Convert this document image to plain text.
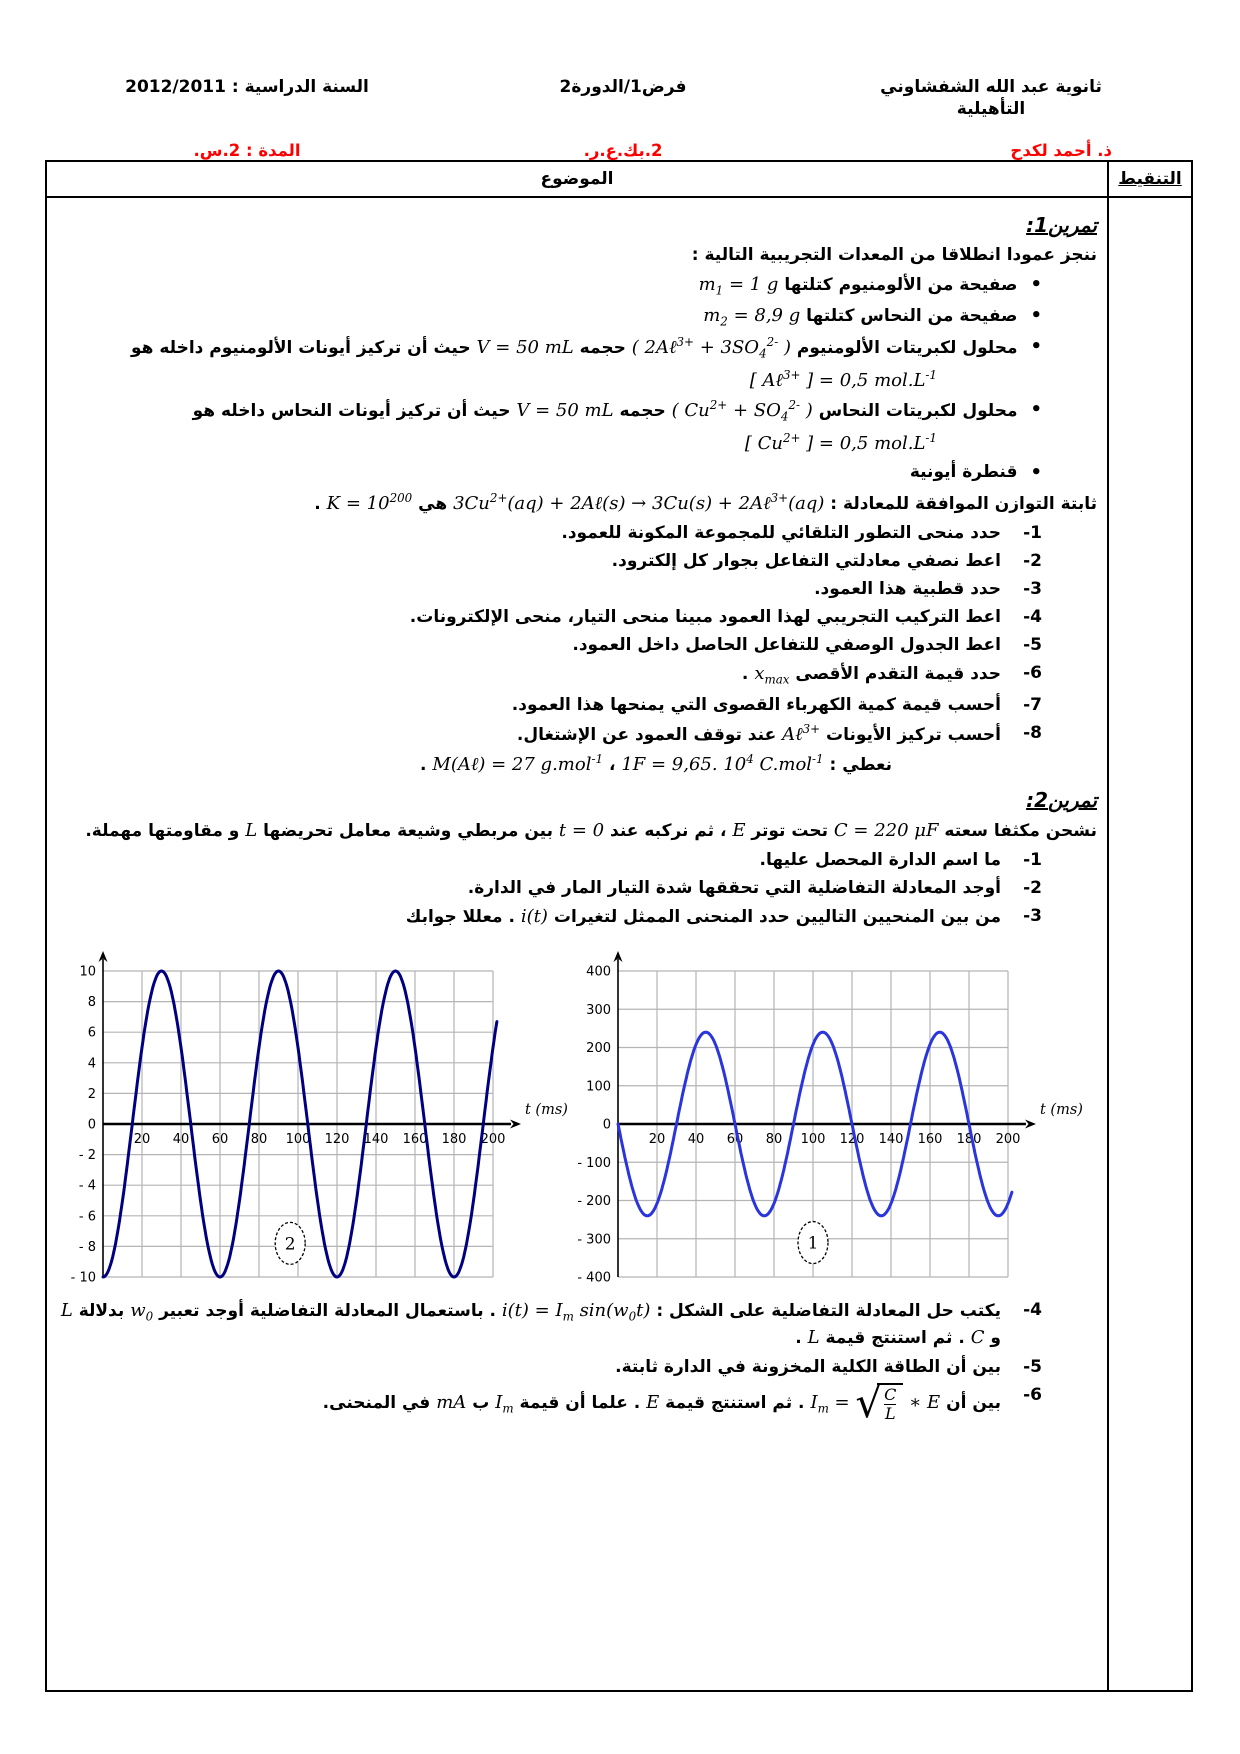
ثانوية عبد الله الشفشاوني
التأهيلية
ذ. أحمد لكدح
فرض1/الدورة2
2.بك.ع.ر.
السنة الدراسية : 2012/2011
المدة : 2.س.
التنقيط
الموضوع
تمرين1:
ننجز عمودا انطلاقا من المعدات التجريبية التالية :
•
صفيحة من الألومنيوم كتلتها $m_1 = 1$ g
•
صفيحة من النحاس كتلتها $m_2 = 8,9$ g
•
محلول لكبريتات الألومنيوم ( 2Aℓ$^{3+}$ + $3SO_4^{2-}$ ) حجمه V = 50 mL حيث أن تركيز أيونات الألومنيوم داخله هو
[ Aℓ$^{3+}$ ] = 0,5 $mol.L^{-1}$
•
محلول لكبريتات النحاس ( $Cu^{2+} + SO_4^{2-}$ ) حجمه V = 50 mL حيث أن تركيز أيونات النحاس داخله هو
[ $Cu^{2+}$ ] = 0,5 $mol.L^{-1}$
•
قنطرة أيونية
ثابتة التوازن الموافقة للمعادلة : $3Cu^{2+}(aq)$ + 2Aℓ(s) → 3Cu(s) + 2Aℓ$^{3+}$(aq) هي $K = 10^{200}$ .
1-
حدد منحى التطور التلقائي للمجموعة المكونة للعمود.
2-
اعط نصفي معادلتي التفاعل بجوار كل إلكترود.
3-
حدد قطبية هذا العمود.
4-
اعط التركيب التجريبي لهذا العمود مبينا منحى التيار، منحى الإلكترونات.
5-
اعط الجدول الوصفي للتفاعل الحاصل داخل العمود.
6-
حدد قيمة التقدم الأقصى $x_{max}$ .
7-
أحسب قيمة كمية الكهرباء القصوى التي يمنحها هذا العمود.
8-
أحسب تركيز الأيونات Aℓ$^{3+}$ عند توقف العمود عن الإشتغال.
نعطي : 1F = 9,65. $10^4$ C.mol$^{-1}$ ، M(Aℓ) = 27 g.mol$^{-1}$ .
تمرين2:
نشحن مكثفا سعته C = 220 μF تحت توتر E ، ثم نركبه عند t = 0 بين مربطي وشيعة معامل تحريضها L و مقاومتها مهملة.
1-
ما اسم الدارة المحصل عليها.
2-
أوجد المعادلة التفاضلية التي تحققها شدة التيار المار في الدارة.
3-
من بين المنحيين التاليين حدد المنحنى الممثل لتغيرات i(t) . معللا جوابك
20 40 60 80 100 120 140 160 180 200
10
8
6
4
2
0
- 2
- 4
- 6
- 8
- 10
t (ms)
2
20 40 60 80 100 120 140 160 180 200
400
300
200
100
0
- 100
- 200
- 300
- 400
t (ms)
1
4-
يكتب حل المعادلة التفاضلية على الشكل : $i(t) = I_m$ $\sin(w_0t)$ . باستعمال المعادلة التفاضلية أوجد تعبير $w_0$ بدلالة L و C . ثم استنتج قيمة L .
5-
بين أن الطاقة الكلية المخزونة في الدارة ثابتة.
6-
بين أن $I_m$ = √
$\frac{C}{L}$ ∗ E . ثم استنتج قيمة E . علما أن قيمة $I_m$ ب mA في المنحنى.
